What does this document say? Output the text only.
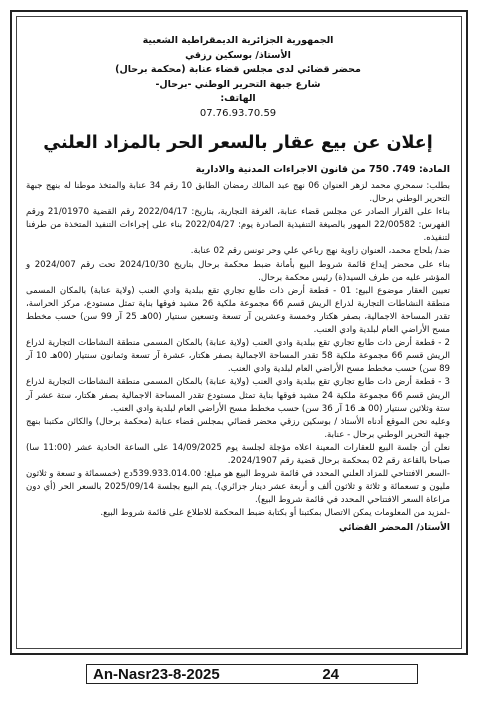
الجمهورية الجزائرية الديمقراطية الشعبية
الأستاذ/ بوسكين رزقي
محضر قضائي لدى مجلس قضاء عنابة (محكمة برحال)
شارع جبهة التحرير الوطني -برحال-
الهاتف:
07.76.93.70.59
إعلان عن بيع عقار بالسعر الحر بالمزاد العلني
المادة: 749. 750 من قانون الاجراءات المدنية والادارية

بطلب: سمحري محمد لزهر العنوان 06 نهج عبد المالك رمضان الطابق 10 رقم 34 عنابة والمتخذ موطنا له بنهج جبهة التحرير الوطني برحال.

بناءا على القرار الصادر عن مجلس قضاء عنابة، الغرفة التجارية، بتاريخ: 2022/04/17 رقم القضية 21/01970 ورقم الفهرس: 22/00582 المهور بالصيغة التنفيذية الصادرة يوم: 2022/04/27 بناء على إجراءات التنفيذ المتخذة من طرفنا لتنفيذه.

ضد/ بلحاج محمد، العنوان زاوية نهج رباعي علي وحر تونس رقم 02 عنابة.

بناء على محضر إيداع قائمة شروط البيع بأمانة ضبط محكمة برحال بتاريخ 2024/10/30 تحت رقم 2024/007 و المؤشر عليه من طرف السيد(ة) رئيس محكمة برحال.

تعيين العقار موضوع البيع: 01 - قطعة أرض ذات طابع تجاري تقع ببلدية وادي العنب (ولاية عنابة) بالمكان المسمى منطقة النشاطات التجارية لذراع الريش قسم 66 مجموعة ملكية 26 مشيد فوقها بناية تمثل مستودع، مركز الحراسة، تقدر المساحة الاجمالية، بصفر هكتار وخمسة وعشرين آر تسعة وتسعين سنتيار (00هـ 25 آر 99 سن) حسب مخطط مسح الأراضي العام لبلدية وادي العنب.

2 - قطعة أرض ذات طابع تجاري تقع ببلدية وادي العنب (ولاية عنابة) بالمكان المسمى منطقة النشاطات التجارية لذراع الريش قسم 66 مجموعة ملكية 58 تقدر المساحة الاجمالية بصفر هكتار، عشرة آر تسعة وثمانون سنتيار (00هـ 10 آر 89 سن) حسب مخطط مسح الأراضي العام لبلدية وادي العنب.

3 - قطعة أرض ذات طابع تجاري تقع ببلدية وادي العنب (ولاية عنابة) بالمكان المسمى منطقة النشاطات التجارية لذراع الريش قسم 66 مجموعة ملكية 24 مشيد فوقها بناية تمثل مستودع تقدر المساحة الاجمالية بصفر هكتار، ستة عشر آر ستة وثلاثين سنتيار (00 هـ 16 آر 36 سن) حسب مخطط مسح الأراضي العام لبلدية وادي العنب.

وعليه نحن الموقع أدناه الأستاذ / بوسكين رزقي محضر قضائي بمجلس قضاء عنابة (محكمة برحال) والكائن مكتبنا بنهج جبهة التحرير الوطني برحال - عنابة.

نعلن أن جلسة البيع للعقارات المعينة اعلاه مؤجلة لجلسة يوم 14/09/2025 على الساعة الحادية عشر (11:00 سا) صباحا بالقاعة رقم 02 بمحكمة برحال قضية رقم 2024/1907.

-السعر الافتتاحي للمزاد العلني المحدد في قائمة شروط البيع هو مبلغ: 539.933.014.00دج (خمسمائة و تسعة و ثلاثون مليون و تسعمائة و ثلاثة و ثلاثون ألف و أربعة عشر دينار جزائري). يتم البيع بجلسة 2025/09/14 بالسعر الحر (أي دون مراعاة السعر الافتتاحي المحدد في قائمة شروط البيع).

-لمزيد من المعلومات يمكن الاتصال بمكتبنا أو بكتابة ضبط المحكمة للاطلاع على قائمة شروط البيع.

الأستاذ/ المحضر القضائي
An-Nasr23-8-2025	24
